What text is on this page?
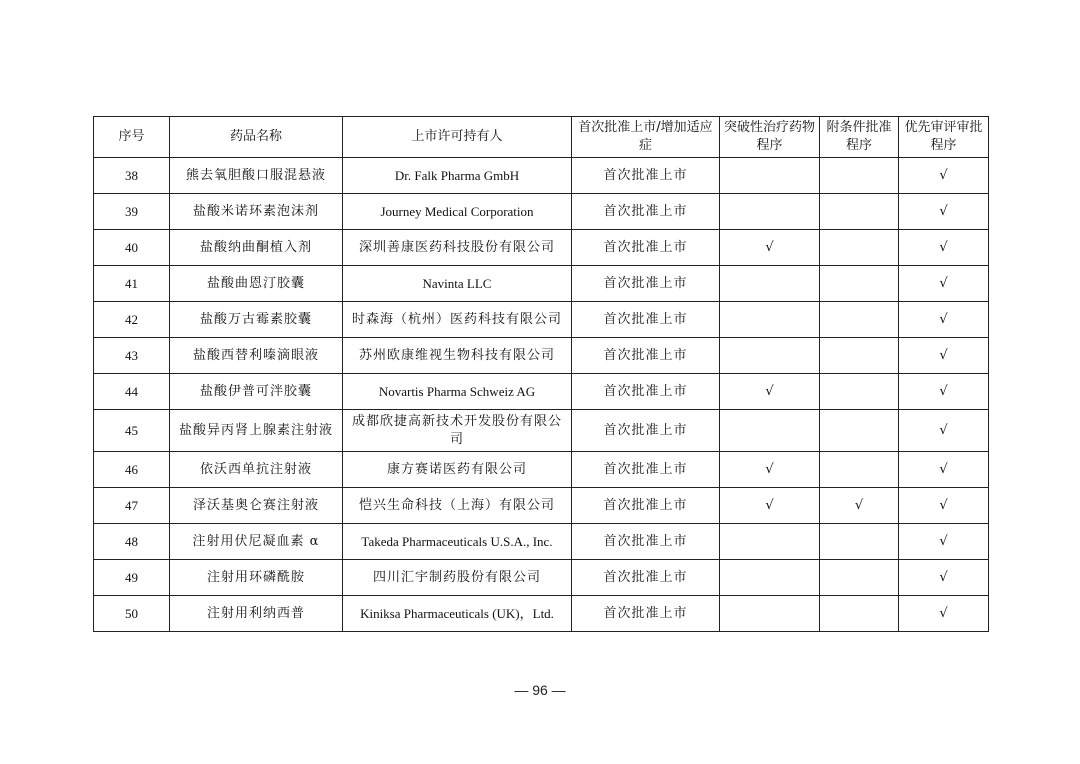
序号	药品名称	上市许可持有人	首次批准上市/增加适应症	突破性治疗药物程序	附条件批准程序	优先审评审批程序
38	熊去氧胆酸口服混悬液	Dr. Falk Pharma GmbH	首次批准上市			√
39	盐酸米诺环素泡沫剂	Journey Medical Corporation	首次批准上市			√
40	盐酸纳曲酮植入剂	深圳善康医药科技股份有限公司	首次批准上市	√		√
41	盐酸曲恩汀胶囊	Navinta LLC	首次批准上市			√
42	盐酸万古霉素胶囊	时森海（杭州）医药科技有限公司	首次批准上市			√
43	盐酸西替利嗪滴眼液	苏州欧康维视生物科技有限公司	首次批准上市			√
44	盐酸伊普可泮胶囊	Novartis Pharma Schweiz AG	首次批准上市	√		√
45	盐酸异丙肾上腺素注射液	成都欣捷高新技术开发股份有限公司	首次批准上市			√
46	依沃西单抗注射液	康方赛诺医药有限公司	首次批准上市	√		√
47	泽沃基奥仑赛注射液	恺兴生命科技（上海）有限公司	首次批准上市	√	√	√
48	注射用伏尼凝血素 α	Takeda Pharmaceuticals U.S.A., Inc.	首次批准上市			√
49	注射用环磷酰胺	四川汇宇制药股份有限公司	首次批准上市			√
50	注射用利纳西普	Kiniksa Pharmaceuticals (UK)，Ltd.	首次批准上市			√
— 96 —
